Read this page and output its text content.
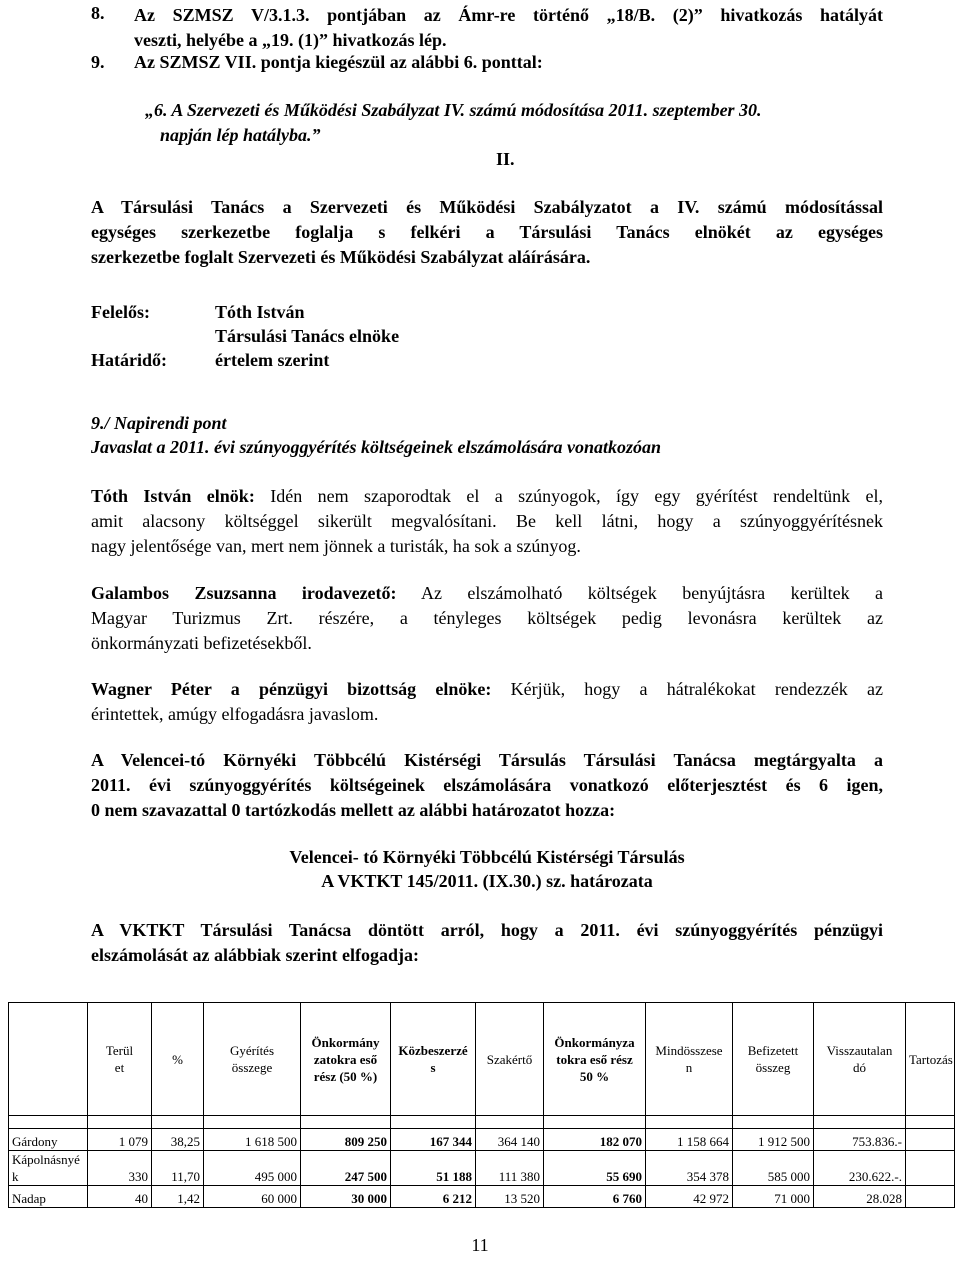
8. Az SZMSZ V/3.1.3. pontjában az Ámr-re történő „18/B. (2)” hivatkozás hatályát
veszti, helyébe a „19. (1)” hivatkozás lép.
9. Az SZMSZ VII. pontja kiegészül az alábbi 6. ponttal:
„6. A Szervezeti és Működési Szabályzat IV. számú módosítása 2011. szeptember 30.
napján lép hatályba.”
II.
A Társulási Tanács a Szervezeti és Működési Szabályzatot a IV. számú módosítással
egységes szerkezetbe foglalja s felkéri a Társulási Tanács elnökét az egységes
szerkezetbe foglalt Szervezeti és Működési Szabályzat aláírására.
Felelős:	Tóth István
Társulási Tanács elnöke
Határidő:	értelem szerint
9./ Napirendi pont
Javaslat a 2011. évi szúnyoggyérítés költségeinek elszámolására vonatkozóan
Tóth István elnök: Idén nem szaporodtak el a szúnyogok, így egy gyérítést rendeltünk el,
amit alacsony költséggel sikerült megvalósítani. Be kell látni, hogy a szúnyoggyérítésnek
nagy jelentősége van, mert nem jönnek a turisták, ha sok a szúnyog.
Galambos Zsuzsanna irodavezető: Az elszámolható költségek benyújtásra kerültek a
Magyar Turizmus Zrt. részére, a tényleges költségek pedig levonásra kerültek az
önkormányzati befizetésekből.
Wagner Péter a pénzügyi bizottság elnöke: Kérjük, hogy a hátralékokat rendezzék az
érintettek, amúgy elfogadásra javaslom.
A Velencei-tó Környéki Többcélú Kistérségi Társulás Társulási Tanácsa megtárgyalta a
2011. évi szúnyoggyérítés költségeinek elszámolására vonatkozó előterjesztést és 6 igen,
0 nem szavazattal 0 tartózkodás mellett az alábbi határozatot hozza:
Velencei- tó Környéki Többcélú Kistérségi Társulás
A VKTKT 145/2011. (IX.30.) sz. határozata
A VKTKT Társulási Tanácsa döntött arról, hogy a 2011. évi szúnyoggyérítés pénzügyi
elszámolását az alábbiak szerint elfogadja:
	Terül
et	%	Gyérítés
összege	Önkormány
zatokra eső
rész (50 %)	Közbeszerzé
s	Szakértő	Önkormányza
tokra eső rész
50 %	Mindösszese
n	Befizetett
összeg	Visszautalan
dó	Tartozás

Gárdony	1 079	38,25	1 618 500	809 250	167 344	364 140	182 070	1 158 664	1 912 500	753.836.-	
Kápolnásnyé
k	330	11,70	495 000	247 500	51 188	111 380	55 690	354 378	585 000	230.622.-.	
Nadap	40	1,42	60 000	30 000	6 212	13 520	6 760	42 972	71 000	28.028	
11
